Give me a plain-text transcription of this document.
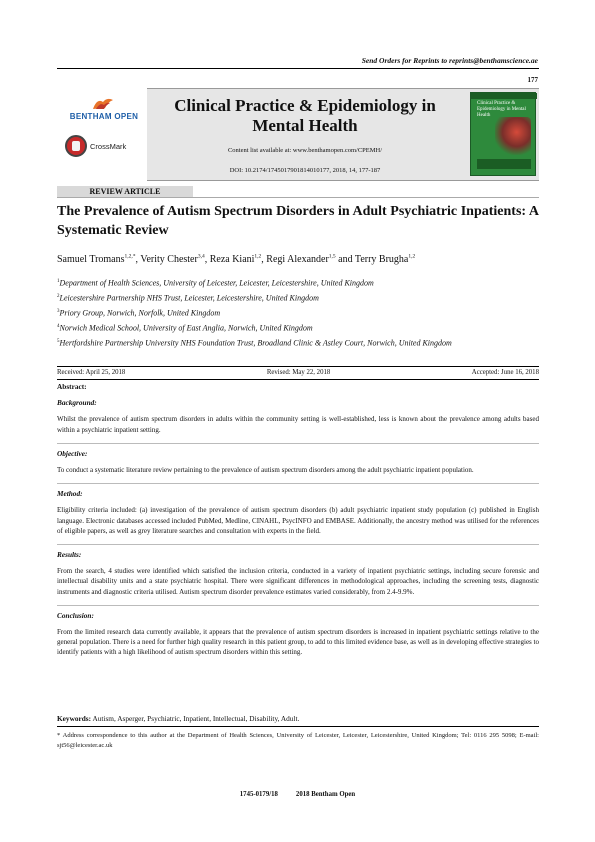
Send Orders for Reprints to reprints@benthamscience.ae
177
BENTHAM OPEN
CrossMark
Clinical Practice & Epidemiology in Mental Health
Content list available at: www.benthamopen.com/CPEMH/
DOI: 10.2174/1745017901814010177, 2018, 14, 177-187
Clinical Practice & Epidemiology in Mental Health
REVIEW ARTICLE
The Prevalence of Autism Spectrum Disorders in Adult Psychiatric Inpatients: A Systematic Review
Samuel Tromans$^{1,2,*}$, Verity Chester$^{3,4}$, Reza Kiani$^{1,2}$, Regi Alexander$^{1,5}$ and Terry Brugha$^{1,2}$
$^1$Department of Health Sciences, University of Leicester, Leicester, Leicestershire, United Kingdom
$^2$Leicestershire Partnership NHS Trust, Leicester, Leicestershire, United Kingdom
$^3$Priory Group, Norwich, Norfolk, United Kingdom
$^4$Norwich Medical School, University of East Anglia, Norwich, United Kingdom
$^5$Hertfordshire Partnership University NHS Foundation Trust, Broadland Clinic & Astley Court, Norwich, United Kingdom
Received: April 25, 2018	Revised: May 22, 2018	Accepted: June 16, 2018
Abstract:
Background:
Whilst the prevalence of autism spectrum disorders in adults within the community setting is well-established, less is known about the prevalence among adults based within a psychiatric inpatient setting.
Objective:
To conduct a systematic literature review pertaining to the prevalence of autism spectrum disorders among the adult psychiatric inpatient population.
Method:
Eligibility criteria included: (a) investigation of the prevalence of autism spectrum disorders (b) adult psychiatric inpatient study population (c) published in English language. Electronic databases accessed included PubMed, Medline, CINAHL, PsycINFO and EMBASE. Additionally, the ancestry method was utilised for the references of eligible papers, as well as grey literature searches and consultation with experts in the field.
Results:
From the search, 4 studies were identified which satisfied the inclusion criteria, conducted in a variety of inpatient psychiatric settings, including secure forensic and intellectual disability units and a state psychiatric hospital. There were significant differences in methodological approaches, including the screening tests, diagnostic instruments and diagnostic criteria utilised. Autism spectrum disorder prevalence estimates varied considerably, from 2.4-9.9%.
Conclusion:
From the limited research data currently available, it appears that the prevalence of autism spectrum disorders is increased in inpatient psychiatric settings relative to the general population. There is a need for further high quality research in this patient group, to add to this limited evidence base, as well as in developing effective strategies to identify patients with a high likelihood of autism spectrum disorders within this setting.
Keywords: Autism, Asperger, Psychiatric, Inpatient, Intellectual, Disability, Adult.
* Address correspondence to this author at the Department of Health Sciences, University of Leicester, Leicester, Leicestershire, United Kingdom; Tel: 0116 295 5098; E-mail: sjt56@leicester.ac.uk
1745-0179/18	2018 Bentham Open
